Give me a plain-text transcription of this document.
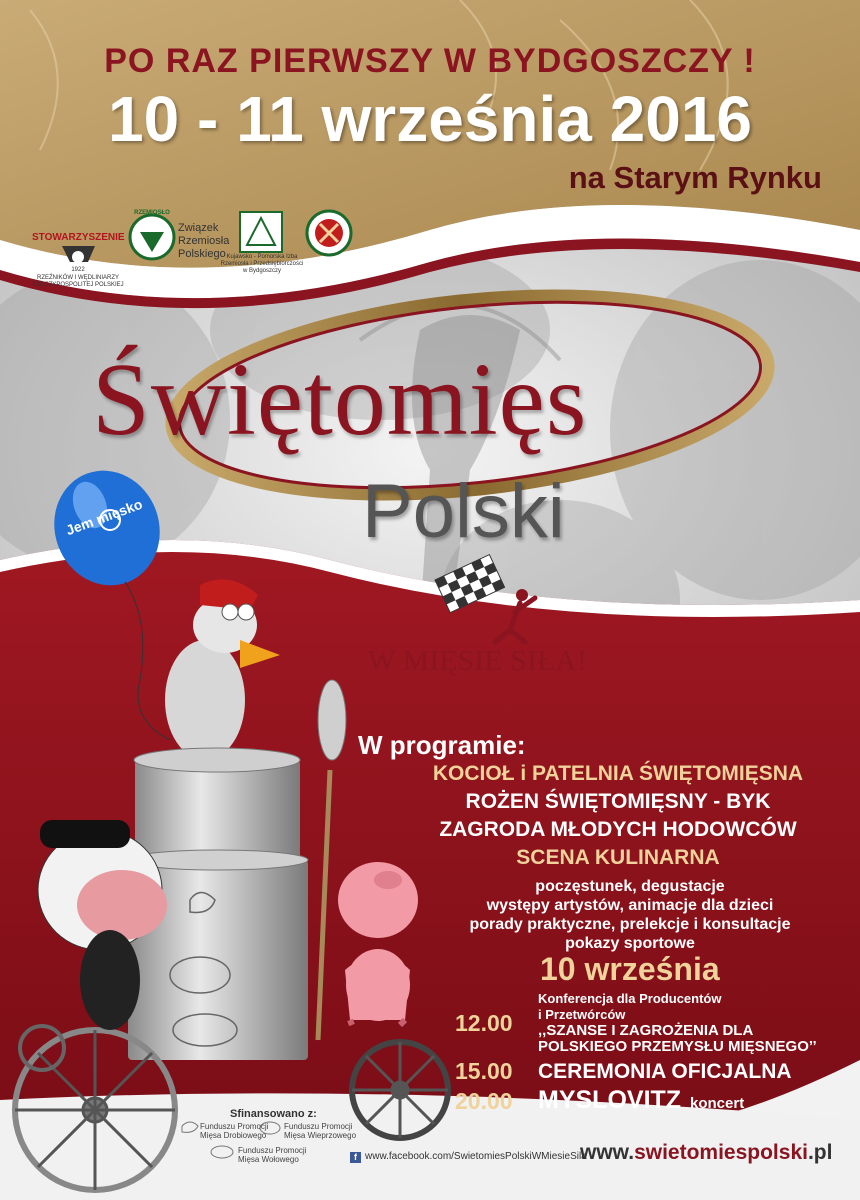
PO RAZ PIERWSZY W BYDGOSZCZY !
10 - 11 września 2016
na Starym Rynku
STOWARZYSZENIE
1922
RZEŹNIKÓW I WĘDLINIARZY
RZECZYPOSPOLITEJ POLSKIEJ
RZEMIOSŁO
Związek
Rzemiosła
Polskiego Kujawsko - Pomorska Izba
Rzemiosła i Przedsiębiorczości
w Bydgoszczy
Świętomięs
Polski
W MIĘSIE SIŁA!
Jem mięsko
W programie:
KOCIOŁ i PATELNIA ŚWIĘTOMIĘSNA
ROŻEN ŚWIĘTOMIĘSNY - BYK
ZAGRODA MŁODYCH HODOWCÓW
SCENA KULINARNA
poczęstunek, degustacje
występy artystów, animacje dla dzieci
porady praktyczne, prelekcje i konsultacje
pokazy sportowe
10 września
Konferencja dla Producentów
i Przetwórców
,,SZANSE I ZAGROŻENIA DLA
POLSKIEGO PRZEMYSŁU MIĘSNEGO’’
12.00
15.00 CEREMONIA OFICJALNA
20.00 MYSLOVITZ koncert
Sfinansowano z:
Funduszu Promocji
Mięsa Drobiowego
Funduszu Promocji
Mięsa Wieprzowego
Funduszu Promocji
Mięsa Wołowego	f www.facebook.com/SwietomiesPolskiWMiesieSila
www.swietomiespolski.pl
